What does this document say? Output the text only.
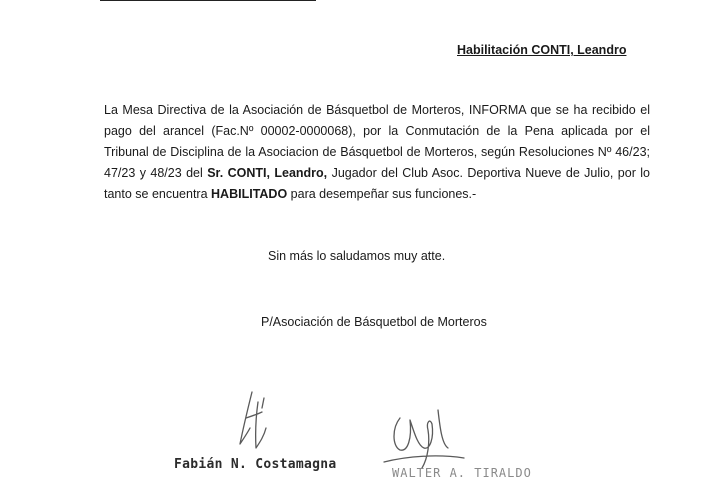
Habilitación CONTI, Leandro
La Mesa Directiva de la Asociación de Básquetbol de Morteros, INFORMA que se ha recibido el
pago del arancel (Fac.Nº 00002-0000068), por la Conmutación de la Pena aplicada por el
Tribunal de Disciplina de la Asociacion de Básquetbol de Morteros, según Resoluciones Nº 46/23;
47/23 y 48/23 del Sr. CONTI, Leandro, Jugador del Club Asoc. Deportiva Nueve de Julio, por lo
tanto se encuentra HABILITADO para desempeñar sus funciones.-
Sin más lo saludamos muy atte.
P/Asociación de Básquetbol de Morteros
Fabián N. Costamagna
WALTER A. TIRALDO
